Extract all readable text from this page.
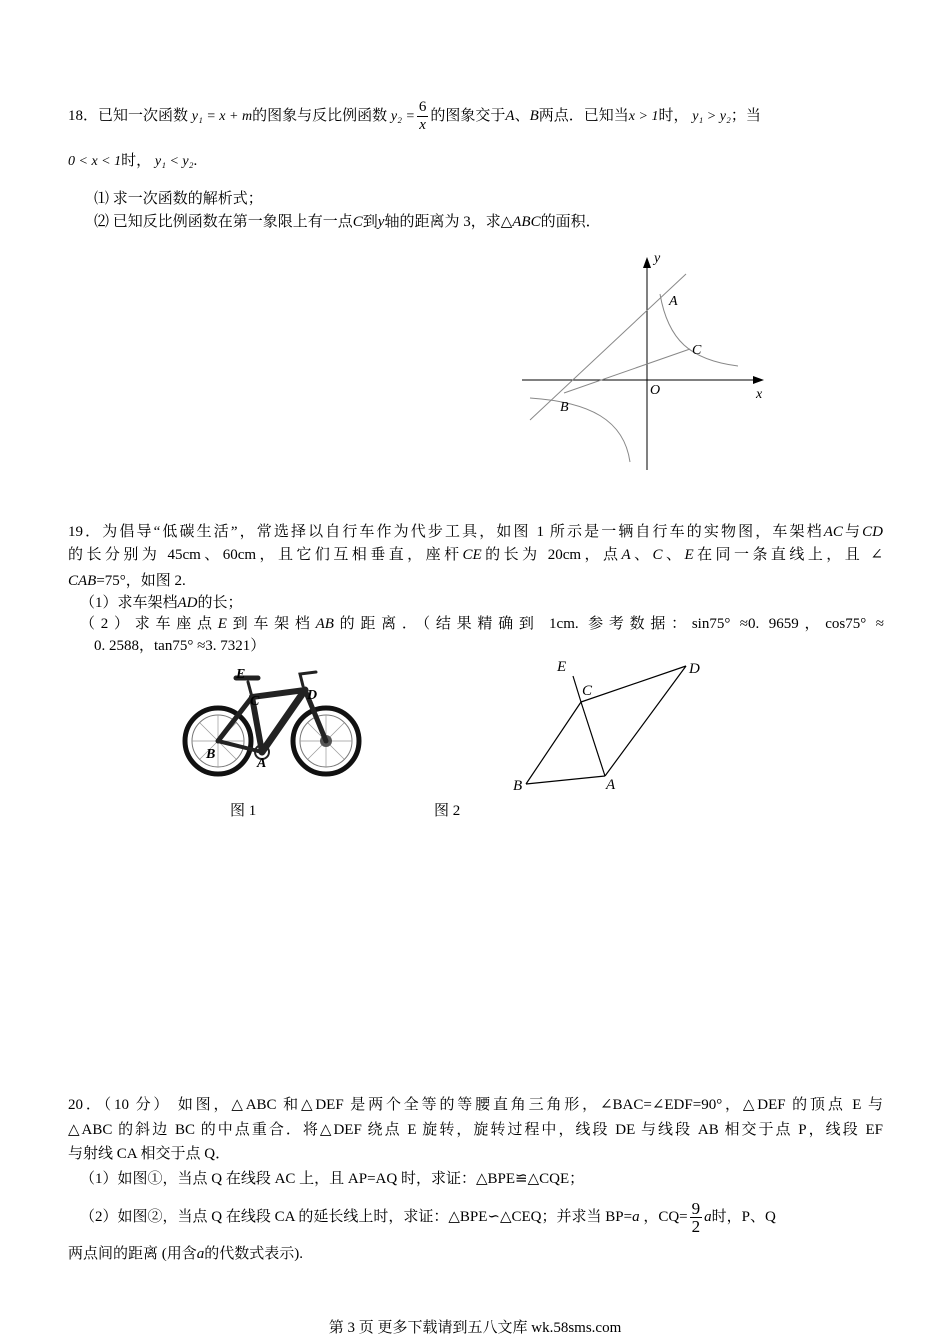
18．已知一次函数 y₁ = x + m的图象与反比例函数 $y_2 = \frac{6}{x}$ 的图象交于A、B两点．已知当x > 1时， y₁ > y₂；当
0 < x < 1时， y₁ < y₂.
⑴ 求一次函数的解析式；
⑵ 已知反比例函数在第一象限上有一点C到y轴的距离为 3，求△ABC的面积．
y
x
O
A
B
C
19．为倡导“低碳生活”，常选择以自行车作为代步工具，如图 1 所示是一辆自行车的实物图，车架档AC与CD
的长分别为 45cm、60cm，且它们互相垂直，座杆CE的长为 20cm，点A、C、E在同一条直线上，且 ∠
CAB=75°，如图 2.
（1）求车架档AD的长；
（2）求车座点E到车架档AB的距离．（结果精确到 1cm. 参考数据：sin75° ≈0. 9659，cos75° ≈
0. 2588，tan75° ≈3. 7321）
E
C	D
B
A
E
C
D
B	A
图 1	图 2
20．（10 分） 如图，△ABC 和△DEF 是两个全等的等腰直角三角形，∠BAC=∠EDF=90°，△DEF 的顶点 E 与
△ABC 的斜边 BC 的中点重合．将△DEF 绕点 E 旋转，旋转过程中，线段 DE 与线段 AB 相交于点 P，线段 EF
与射线 CA 相交于点 Q．
（1）如图①，当点 Q 在线段 AC 上，且 AP=AQ 时，求证：△BPE≌△CQE；
（2）如图②，当点 Q 在线段 CA 的延长线上时，求证：△BPE∽△CEQ；并求当 BP=a ，$CQ= \frac{9}{2}$ a时，P、Q
两点间的距离 (用含a的代数式表示).
第 3 页 更多下载请到五八文库 wk.58sms.com
